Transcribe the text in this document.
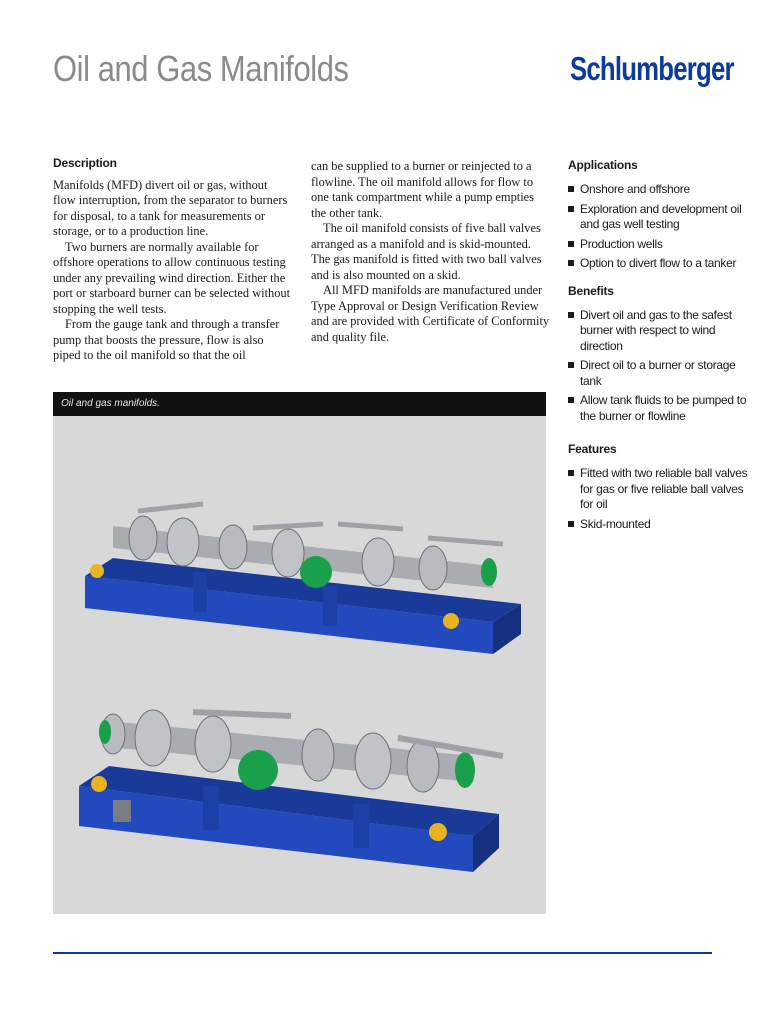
Oil and Gas Manifolds	Schlumberger
Description

Manifolds (MFD) divert oil or gas, without flow interruption, from the separator to burners for disposal, to a tank for measurements or storage, or to a production line.

Two burners are normally available for offshore operations to allow continuous testing under any prevailing wind direction. Either the port or starboard burner can be selected without stopping the well tests.

From the gauge tank and through a transfer pump that boosts the pressure, flow is also piped to the oil manifold so that the oil

can be supplied to a burner or reinjected to a flowline. The oil manifold allows for flow to one tank compartment while a pump empties the other tank.

The oil manifold consists of five ball valves arranged as a manifold and is skid-mounted. The gas manifold is fitted with two ball valves and is also mounted on a skid.

All MFD manifolds are manufactured under Type Approval or Design Verification Review and are provided with Certificate of Conformity and quality file.

Applications
Onshore and offshore
Exploration and development oil and gas well testing
Production wells
Option to divert flow to a tanker
Benefits
Divert oil and gas to the safest burner with respect to wind direction
Direct oil to a burner or storage tank
Allow tank fluids to be pumped to the burner or flowline
Features
Fitted with two reliable ball valves for gas or five reliable ball valves for oil
Skid-mounted
Oil and gas manifolds.
